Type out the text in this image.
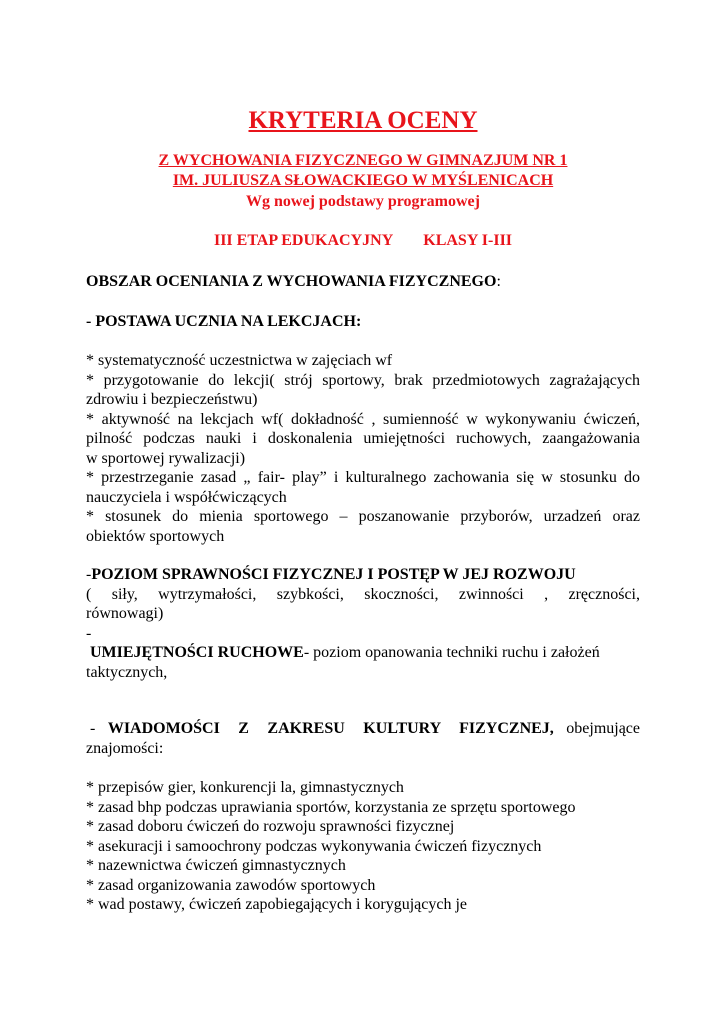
KRYTERIA OCENY
Z WYCHOWANIA FIZYCZNEGO W GIMNAZJUM NR 1
IM. JULIUSZA SŁOWACKIEGO W MYŚLENICACH
Wg nowej podstawy programowej
III ETAP EDUKACYJNY KLASY I-III
OBSZAR OCENIANIA Z WYCHOWANIA FIZYCZNEGO:
- POSTAWA UCZNIA NA LEKCJACH:
* systematyczność uczestnictwa w zajęciach wf
* przygotowanie do lekcji( strój sportowy, brak przedmiotowych zagrażających
zdrowiu i bezpieczeństwu)
* aktywność na lekcjach wf( dokładność , sumienność w wykonywaniu ćwiczeń,
pilność podczas nauki i doskonalenia umiejętności ruchowych, zaangażowania
w sportowej rywalizacji)
* przestrzeganie zasad „ fair- play” i kulturalnego zachowania się w stosunku do
nauczyciela i współćwiczących
* stosunek do mienia sportowego – poszanowanie przyborów, urzadzeń oraz
obiektów sportowych
-POZIOM SPRAWNOŚCI FIZYCZNEJ I POSTĘP W JEJ ROZWOJU
( siły, wytrzymałości, szybkości, skoczności, zwinności , zręczności,
równowagi)
-
UMIEJĘTNOŚCI RUCHOWE- poziom opanowania techniki ruchu i założeń
taktycznych,
- WIADOMOŚCI Z ZAKRESU KULTURY FIZYCZNEJ, obejmujące
znajomości:
* przepisów gier, konkurencji la, gimnastycznych
* zasad bhp podczas uprawiania sportów, korzystania ze sprzętu sportowego
* zasad doboru ćwiczeń do rozwoju sprawności fizycznej
* asekuracji i samoochrony podczas wykonywania ćwiczeń fizycznych
* nazewnictwa ćwiczeń gimnastycznych
* zasad organizowania zawodów sportowych
* wad postawy, ćwiczeń zapobiegających i korygujących je
